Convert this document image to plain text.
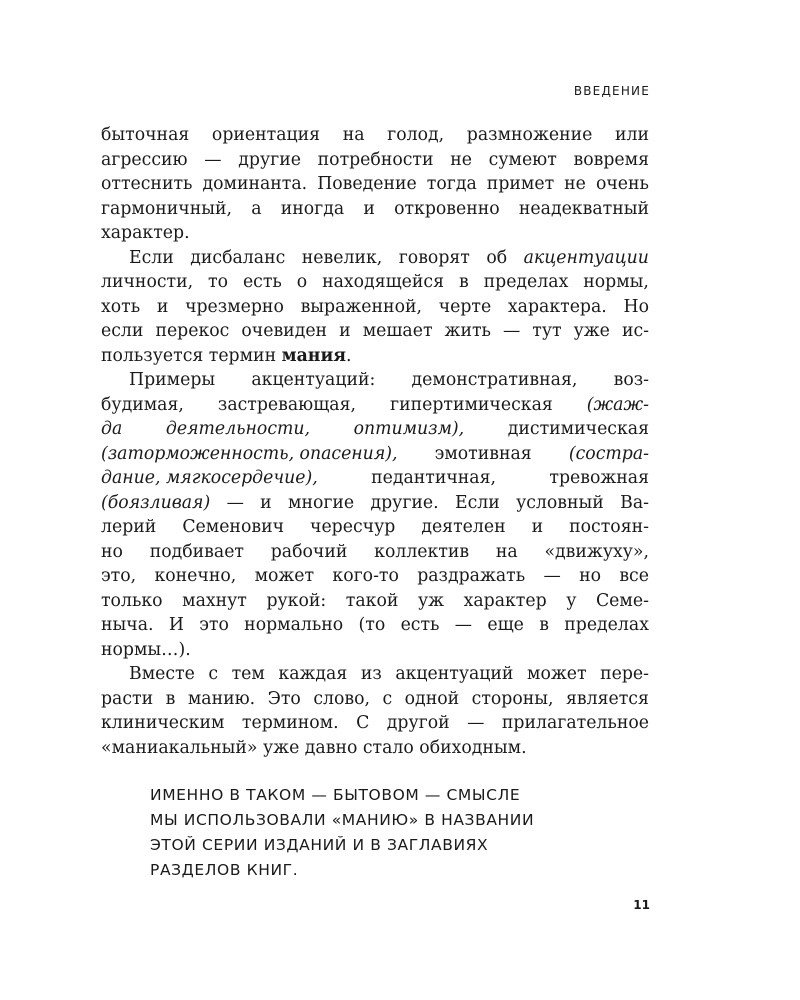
ВВЕДЕНИЕ
быточная ориентация на голод, размножение или
агрессию — другие потребности не сумеют вовремя
оттеснить доминанта. Поведение тогда примет не очень
гармоничный, а иногда и откровенно неадекватный
характер.
Если дисбаланс невелик, говорят об акцентуации
личности, то есть о находящейся в пределах нормы,
хоть и чрезмерно выраженной, черте характера. Но
если перекос очевиден и мешает жить — тут уже ис-
пользуется термин мания .
Примеры акцентуаций: демонстративная, воз-
будимая, застревающая, гипертимическая (жаж-
да	деятельности,	оптимизм),	дистимическая
(заторможенность, опасения), эмотивная (состра-
дание, мягкосердечие),	педантичная,	тревожная
(боязливая) — и многие другие. Если условный Ва-
лерий Семенович чересчур деятелен и постоян-
но подбивает рабочий коллектив на «движуху»,
это, конечно, может кого-то раздражать — но все
только махнут рукой: такой уж характер у Семе-
ныча. И это нормально (то есть — еще в пределах
нормы…).
Вместе с тем каждая из акцентуаций может пере-
расти в манию. Это слово, с одной стороны, является
клиническим термином. С другой — прилагательное
«маниакальный» уже давно стало обиходным.
ИМЕННО В ТАКОМ — БЫТОВОМ — СМЫСЛЕ
МЫ ИСПОЛЬЗОВАЛИ «МАНИЮ» В НАЗВАНИИ
ЭТОЙ СЕРИИ ИЗДАНИЙ И В ЗАГЛАВИЯХ
РАЗДЕЛОВ КНИГ.
11
